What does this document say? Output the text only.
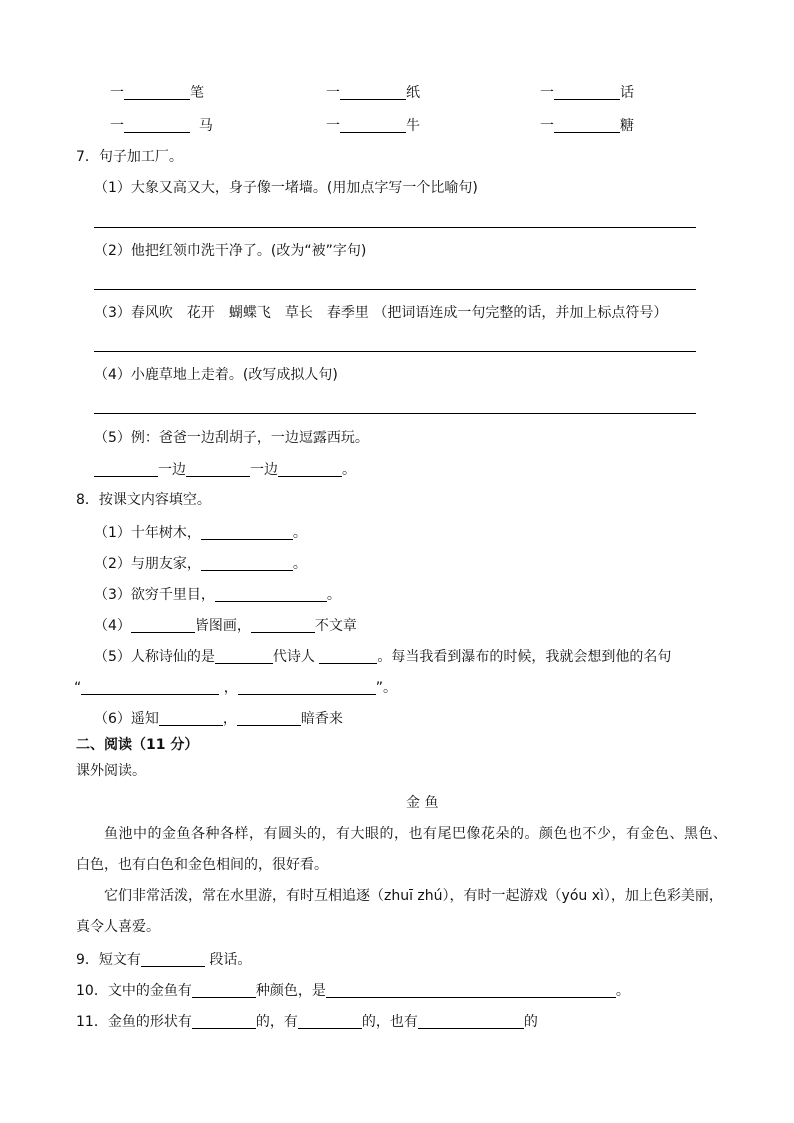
一	笔	一	纸	一	话
一	马	一	牛	一	糖
7．句子加工厂。
（1）大象又高又大，身子像一堵墙。(用加点字写一个比喻句)
（2）他把红领巾洗干净了。(改为“被”字句)
（3）春风吹　花开　蝴蝶飞　草长　春季里 （把词语连成一句完整的话，并加上标点符号）
（4）小鹿草地上走着。(改写成拟人句)
（5）例：爸爸一边刮胡子，一边逗露西玩。
一边	一边	。
8．按课文内容填空。
（1）十年树木，	。
（2）与朋友家，	。
（3）欲穷千里目，	。
（4）	皆图画，	不文章
（5）人称诗仙的是	代诗人	。每当我看到瀑布的时候，我就会想到他的名句
“	，	”。
（6）遥知	，	暗香来
二、阅读（11 分）
课外阅读。
金 鱼
鱼池中的金鱼各种各样，有圆头的，有大眼的，也有尾巴像花朵的。颜色也不少，有金色、黑色、
白色，也有白色和金色相间的，很好看。
它们非常活泼，常在水里游，有时互相追逐（zhuī zhú），有时一起游戏（yóu xì），加上色彩美丽，
真令人喜爱。
9．短文有	段话。
10．文中的金鱼有	种颜色，是	。
11．金鱼的形状有	的，有	的，也有	的
